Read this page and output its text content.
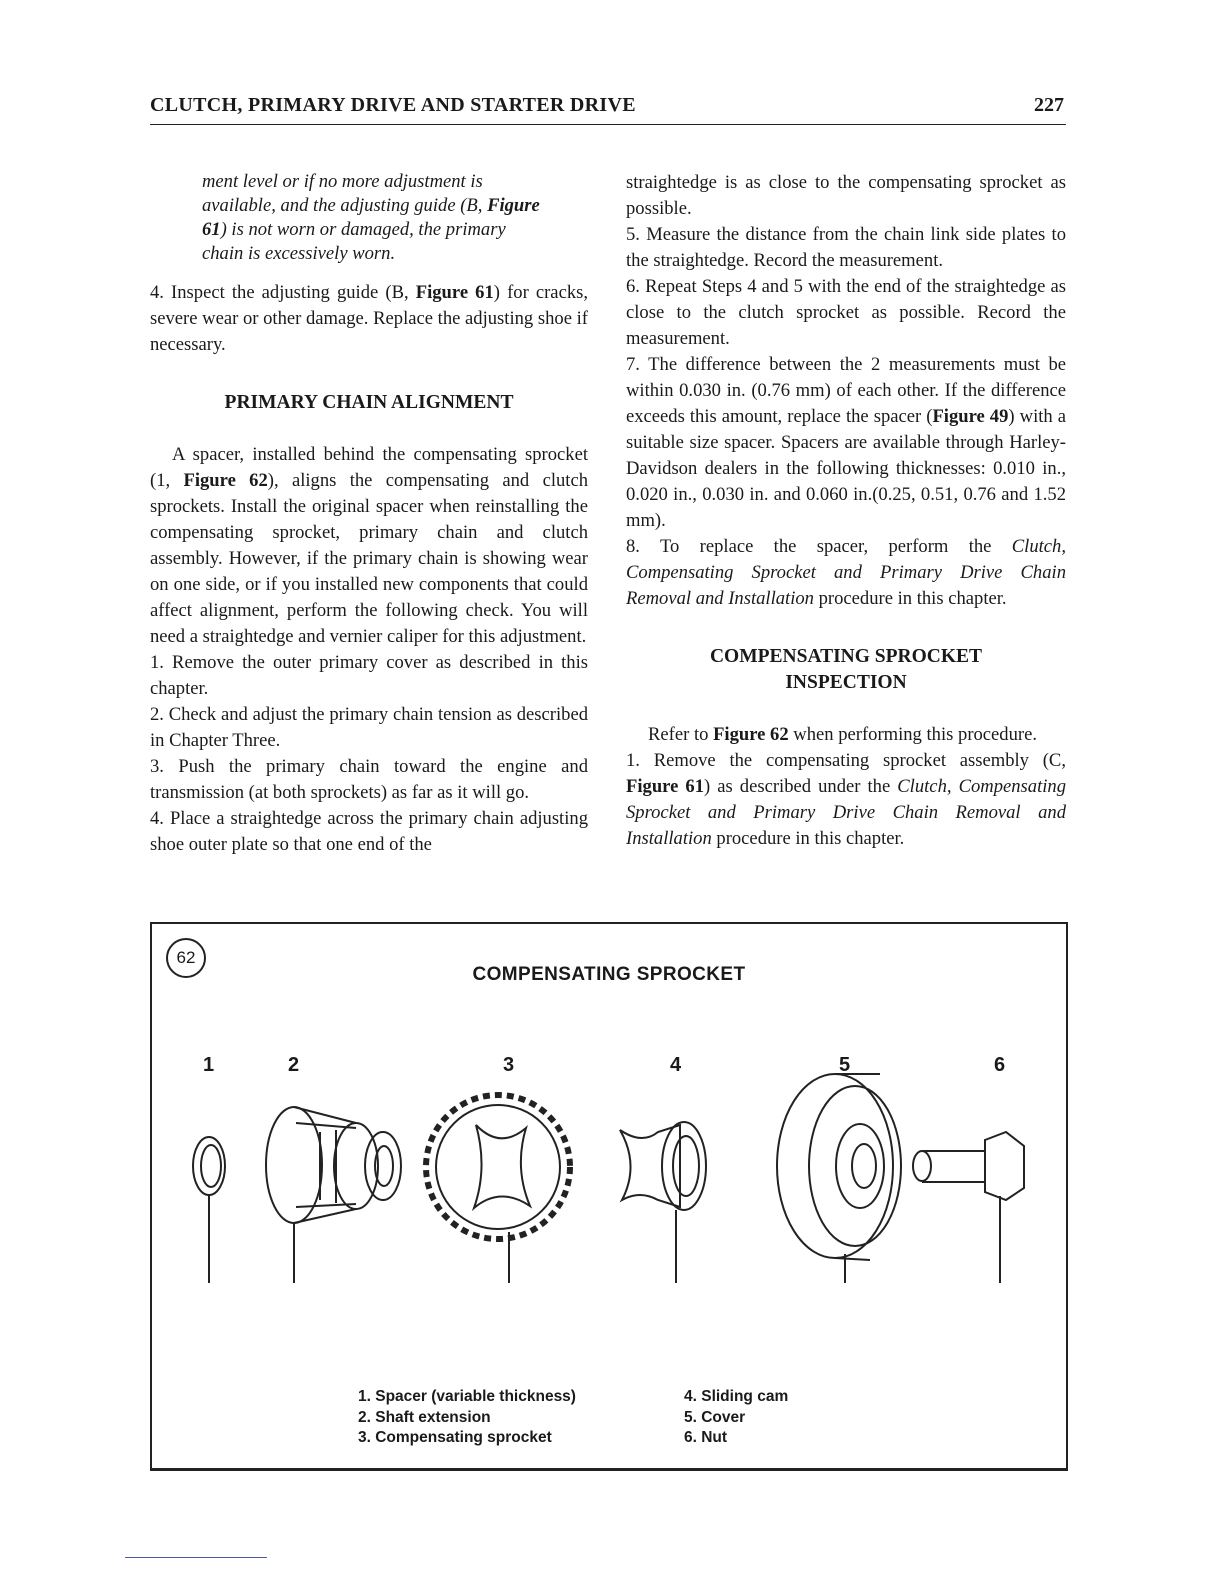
CLUTCH, PRIMARY DRIVE AND STARTER DRIVE	227

ment level or if no more adjustment is available, and the adjusting guide (B, Figure 61) is not worn or damaged, the primary chain is excessively worn.

4. Inspect the adjusting guide (B, Figure 61) for cracks, severe wear or other damage. Replace the adjusting shoe if necessary.

PRIMARY CHAIN ALIGNMENT

A spacer, installed behind the compensating sprocket (1, Figure 62), aligns the compensating and clutch sprockets. Install the original spacer when reinstalling the compensating sprocket, primary chain and clutch assembly. However, if the primary chain is showing wear on one side, or if you installed new components that could affect alignment, perform the following check. You will need a straightedge and vernier caliper for this adjustment.

1. Remove the outer primary cover as described in this chapter.

2. Check and adjust the primary chain tension as described in Chapter Three.

3. Push the primary chain toward the engine and transmission (at both sprockets) as far as it will go.

4. Place a straightedge across the primary chain adjusting shoe outer plate so that one end of the

straightedge is as close to the compensating sprocket as possible.

5. Measure the distance from the chain link side plates to the straightedge. Record the measurement.

6. Repeat Steps 4 and 5 with the end of the straightedge as close to the clutch sprocket as possible. Record the measurement.

7. The difference between the 2 measurements must be within 0.030 in. (0.76 mm) of each other. If the difference exceeds this amount, replace the spacer (Figure 49) with a suitable size spacer. Spacers are available through Harley-Davidson dealers in the following thicknesses: 0.010 in., 0.020 in., 0.030 in. and 0.060 in.(0.25, 0.51, 0.76 and 1.52 mm).

8. To replace the spacer, perform the Clutch, Compensating Sprocket and Primary Drive Chain Removal and Installation procedure in this chapter.

COMPENSATING SPROCKET

INSPECTION

Refer to Figure 62 when performing this procedure.

1. Remove the compensating sprocket assembly (C, Figure 61) as described under the Clutch, Compensating Sprocket and Primary Drive Chain Removal and Installation procedure in this chapter.

62
COMPENSATING SPROCKET
1	2	3	4	5	6
1. Spacer (variable thickness)
2. Shaft extension
3. Compensating sprocket
4. Sliding cam
5. Cover
6. Nut
